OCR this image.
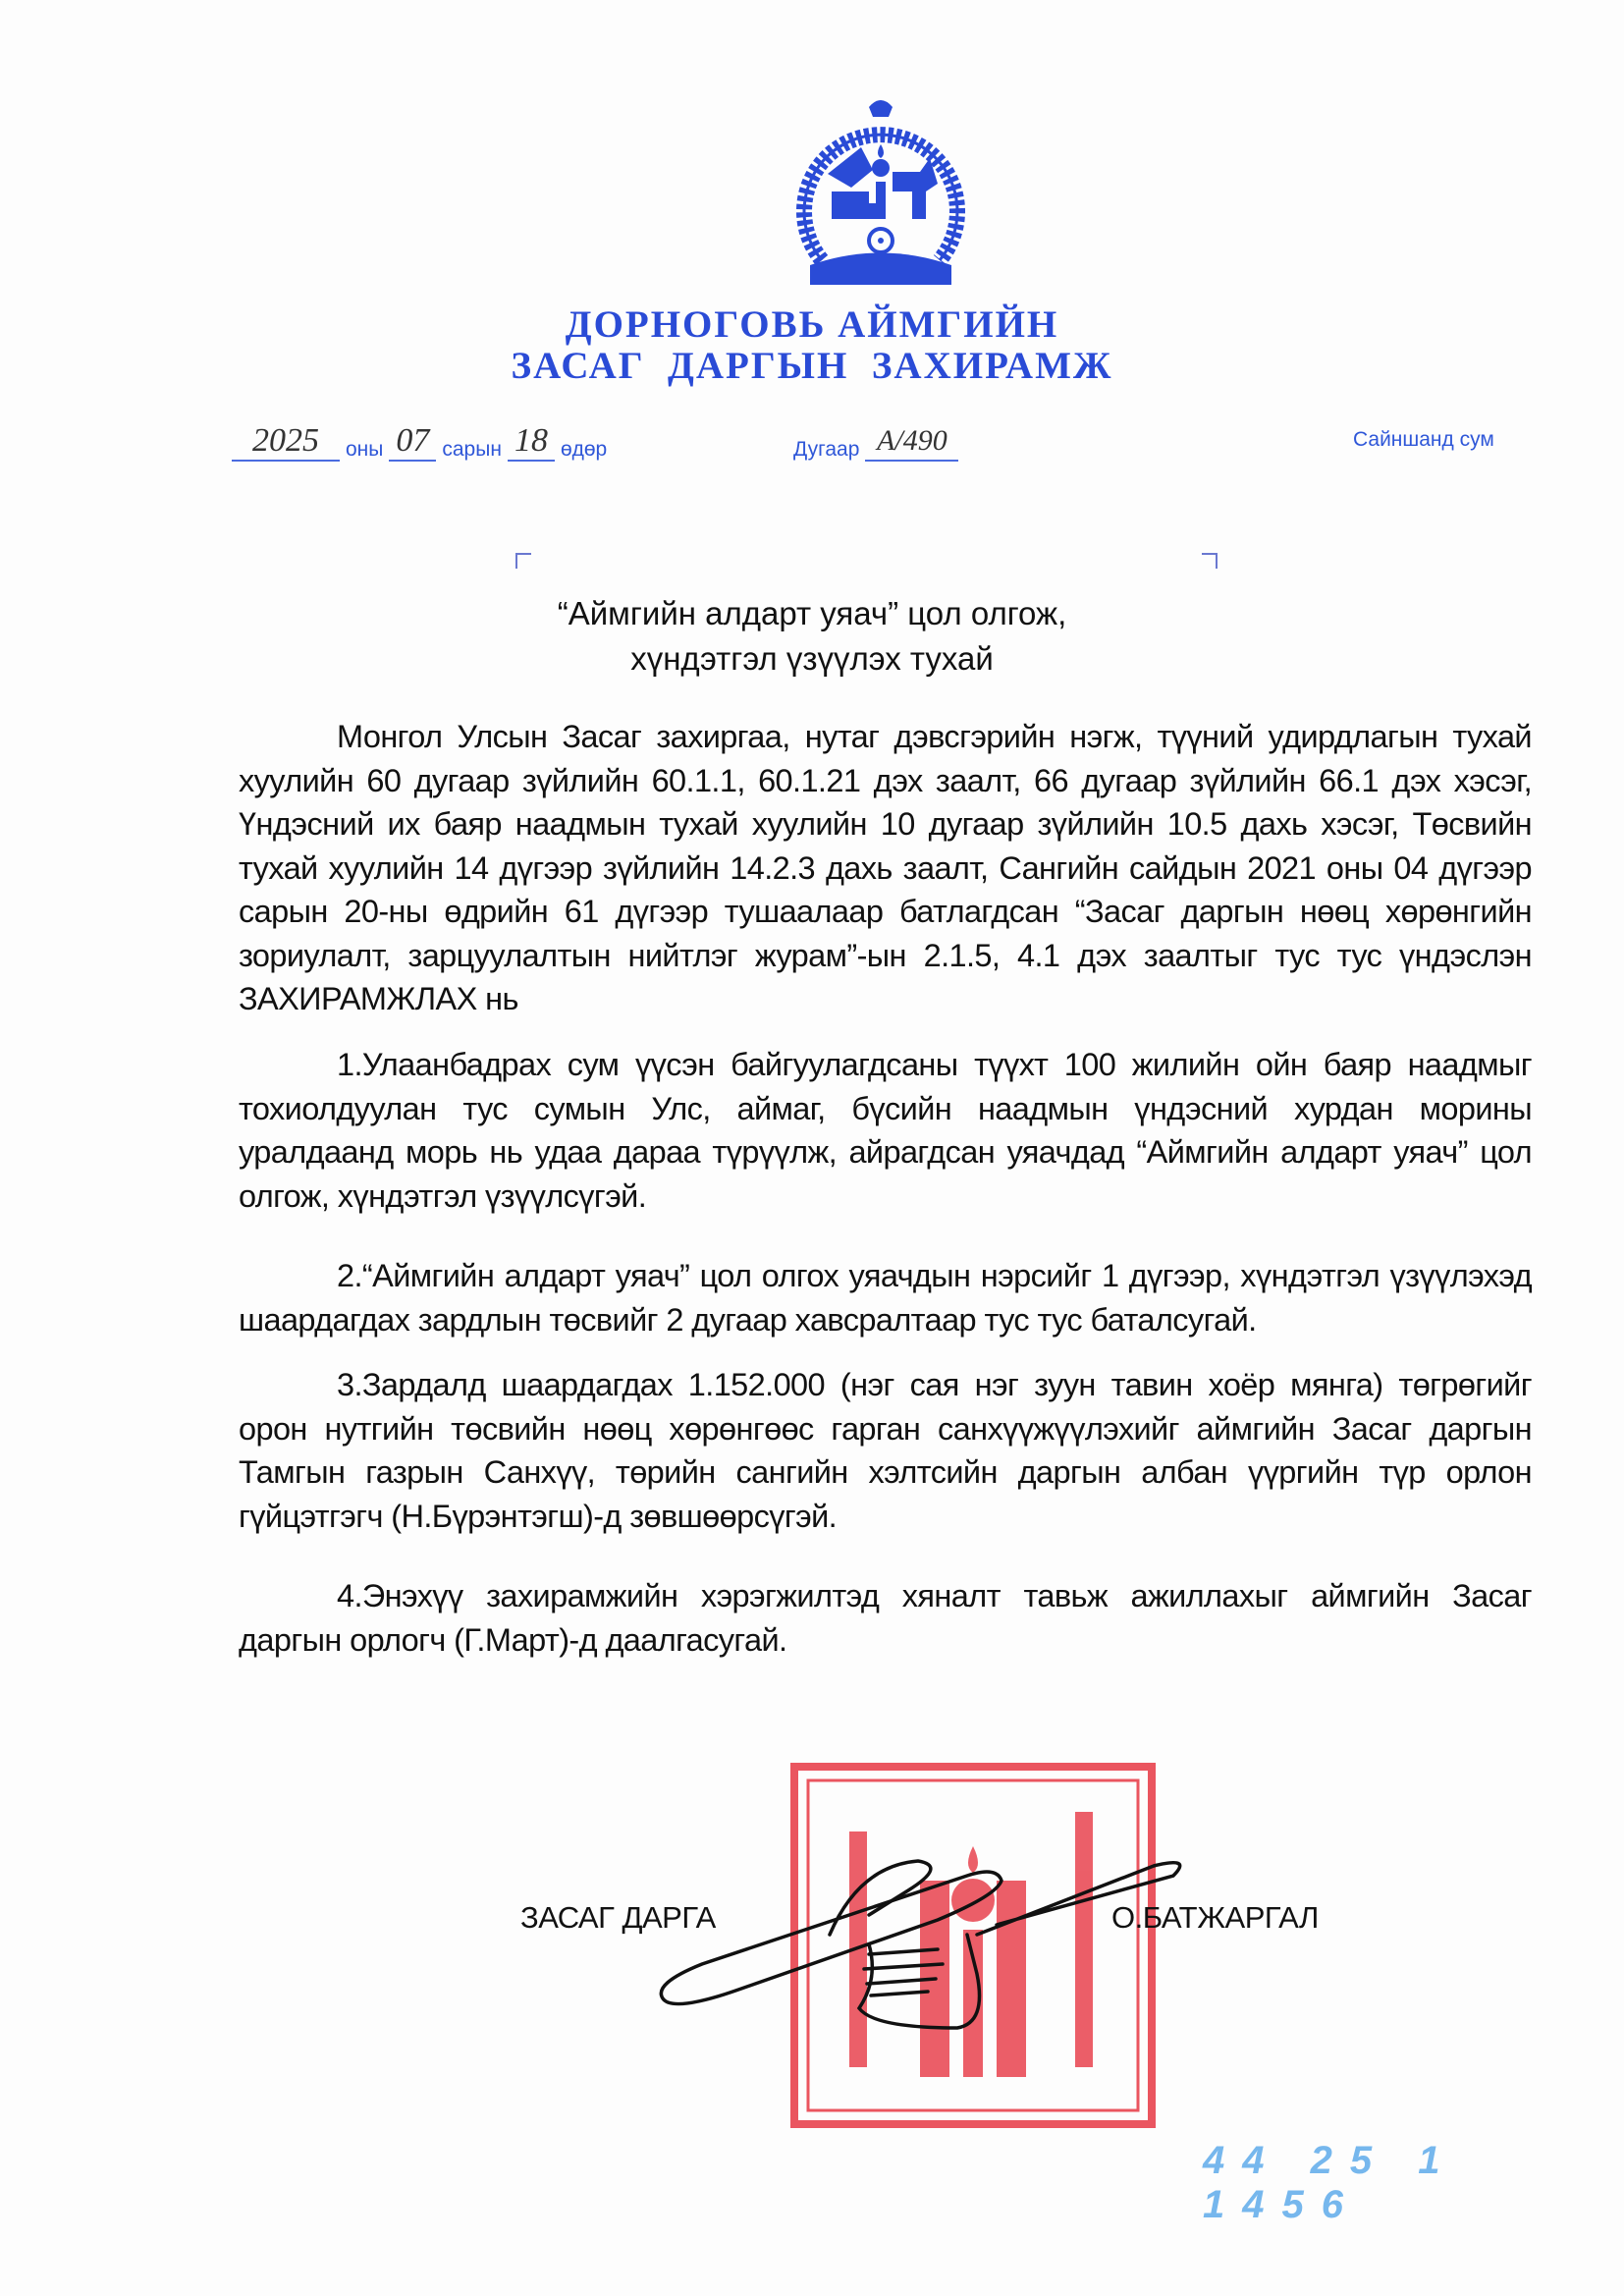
ДОРНОГОВЬ АЙМГИЙН
ЗАСАГ  ДАРГЫН  ЗАХИРАМЖ
2025 оны 07 сарын 18 өдөр	Дугаар А/490	Сайншанд сум
“Аймгийн алдарт уяач” цол олгож,
хүндэтгэл үзүүлэх тухай

Монгол Улсын Засаг захиргаа, нутаг дэвсгэрийн нэгж, түүний удирдлагын тухай хуулийн 60 дугаар зүйлийн 60.1.1, 60.1.21 дэх заалт, 66 дугаар зүйлийн 66.1 дэх хэсэг, Үндэсний их баяр наадмын тухай хуулийн 10 дугаар зүйлийн 10.5 дахь хэсэг, Төсвийн тухай хуулийн 14 дүгээр зүйлийн 14.2.3 дахь заалт, Сангийн сайдын 2021 оны 04 дүгээр сарын 20-ны өдрийн 61 дүгээр тушаалаар батлагдсан “Засаг даргын нөөц хөрөнгийн зориулалт, зарцуулалтын нийтлэг журам”-ын 2.1.5, 4.1 дэх заалтыг тус тус үндэслэн ЗАХИРАМЖЛАХ нь

1.Улаанбадрах сум үүсэн байгуулагдсаны түүхт 100 жилийн ойн баяр наадмыг тохиолдуулан тус сумын Улс, аймаг, бүсийн наадмын үндэсний хурдан морины уралдаанд морь нь удаа дараа түрүүлж, айрагдсан уяачдад “Аймгийн алдарт уяач” цол олгож, хүндэтгэл үзүүлсүгэй.

2.“Аймгийн алдарт уяач” цол олгох уяачдын нэрсийг 1 дүгээр, хүндэтгэл үзүүлэхэд шаардагдах зардлын төсвийг 2 дугаар хавсралтаар тус тус баталсугай.

3.Зардалд шаардагдах 1.152.000 (нэг сая нэг зуун тавин хоёр мянга) төгрөгийг орон нутгийн төсвийн нөөц хөрөнгөөс гарган санхүүжүүлэхийг аймгийн Засаг даргын Тамгын газрын Санхүү, төрийн сангийн хэлтсийн даргын албан үүргийн түр орлон гүйцэтгэгч (Н.Бүрэнтэгш)-д зөвшөөрсүгэй.

4.Энэхүү захирамжийн хэрэгжилтэд хяналт тавьж ажиллахыг аймгийн Засаг даргын орлогч (Г.Март)-д даалгасугай.

ЗАСАГ ДАРГА	О.БАТЖАРГАЛ
44 25 1 1456
